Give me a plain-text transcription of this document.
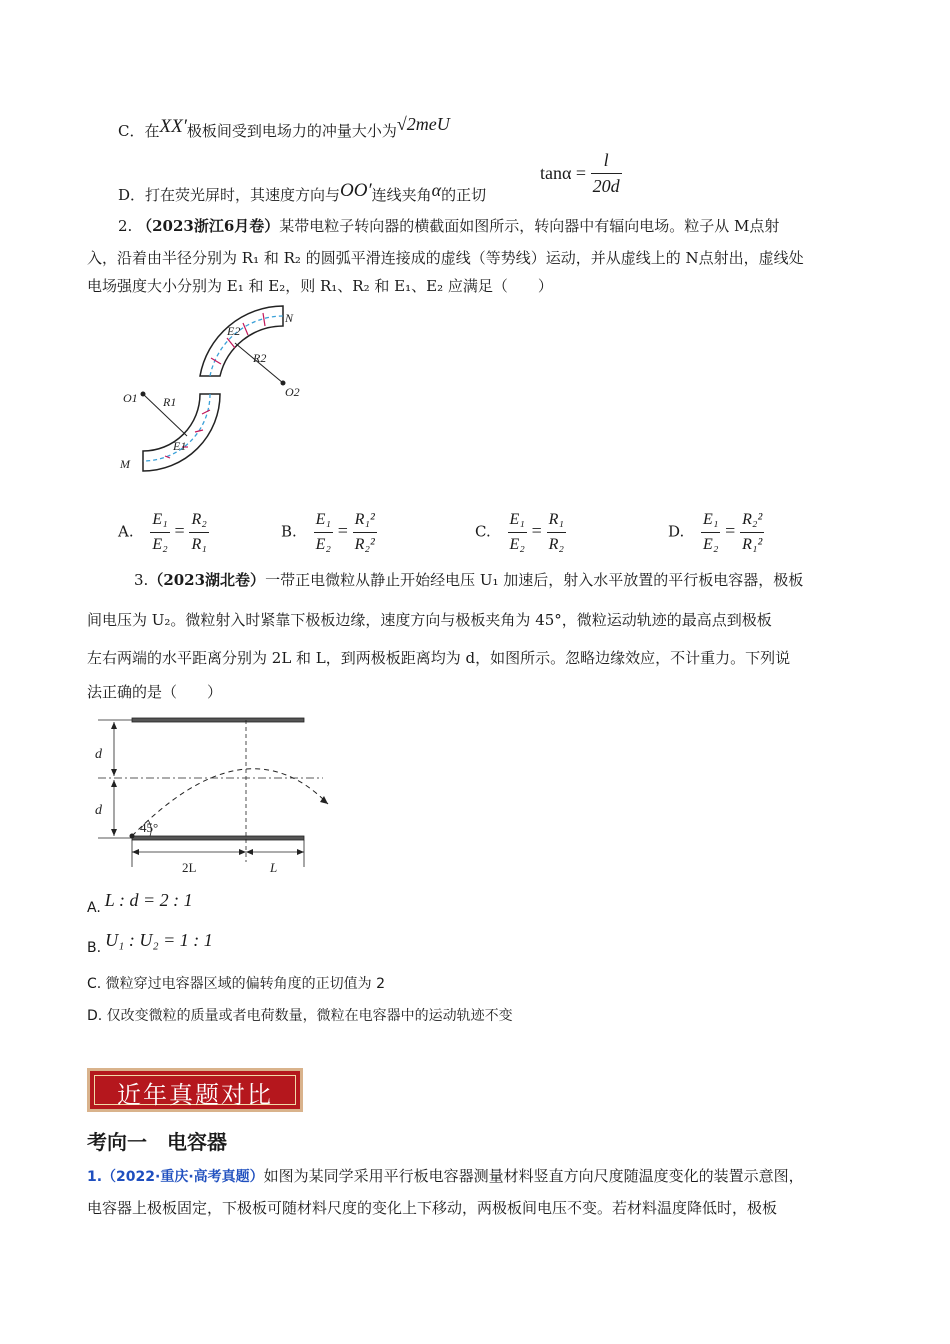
C．在XX′极板间受到电场力的冲量大小为√2meU
$\tan\alpha = \frac{l}{20d}$
D．打在荧光屏时，其速度方向与OO′连线夹角α的正切
2. （2023浙江6月卷）某带电粒子转向器的横截面如图所示，转向器中有辐向电场。粒子从 M点射
入，沿着由半径分别为 R₁ 和 R₂ 的圆弧平滑连接成的虚线（等势线）运动，并从虚线上的 N点射出，虚线处
电场强度大小分别为 E₁ 和 E₂，则 R₁、R₂ 和 E₁、E₂ 应满足（　　）
N
M
O1	O2
R1
R2
E1
E2
A. $\frac{\text{E₁}}{\text{E₂}} = \frac{\text{R₂}}{\text{R₁}}$	B. $\frac{\text{E₁}}{\text{E₂}} = \frac{\text{R₁²}}{\text{R₂²}}$	C. $\frac{\text{E₁}}{\text{E₂}} = \frac{\text{R₁}}{\text{R₂}}$	D. $\frac{\text{E₁}}{\text{E₂}} = \frac{\text{R₂²}}{\text{R₁²}}$
3.（2023湖北卷）一带正电微粒从静止开始经电压 U₁ 加速后，射入水平放置的平行板电容器，极板
间电压为 U₂。微粒射入时紧靠下极板边缘，速度方向与极板夹角为 45°，微粒运动轨迹的最高点到极板
左右两端的水平距离分别为 2L 和 L，到两极板距离均为 d，如图所示。忽略边缘效应，不计重力。下列说
法正确的是（　　）
d
d
45°
2L	L
A. L : d = 2 : 1
B. U₁ : U₂ = 1 : 1
C. 微粒穿过电容器区域的偏转角度的正切值为 2
D. 仅改变微粒的质量或者电荷数量，微粒在电容器中的运动轨迹不变
近年真题对比
考向一　电容器
1.（2022·重庆·高考真题）如图为某同学采用平行板电容器测量材料竖直方向尺度随温度变化的装置示意图，
电容器上极板固定，下极板可随材料尺度的变化上下移动，两极板间电压不变。若材料温度降低时，极板
